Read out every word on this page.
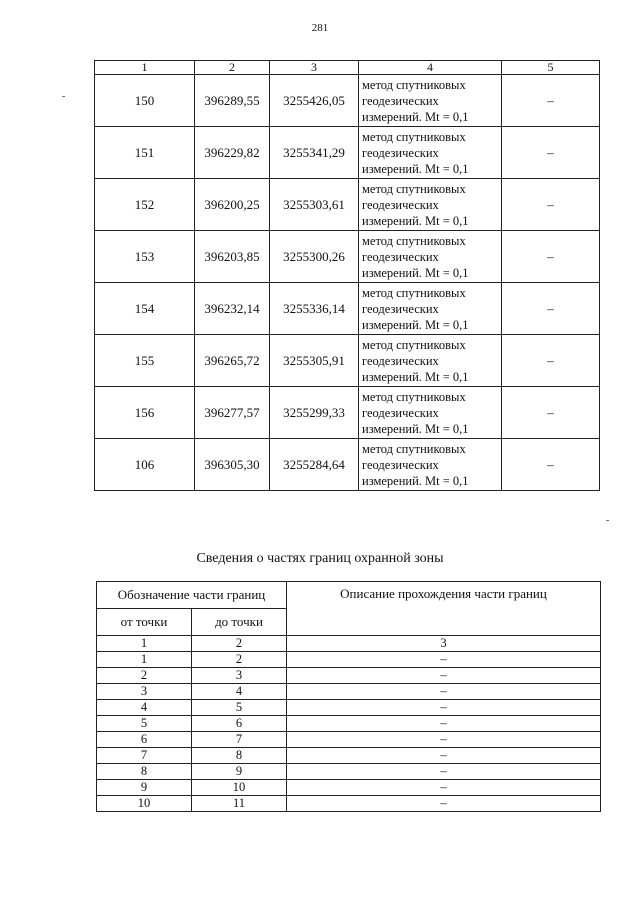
281
1	2	3	4	5
150	396289,55	3255426,05	метод спутниковых
геодезических
измерений. Mt = 0,1	–
151	396229,82	3255341,29	метод спутниковых
геодезических
измерений. Mt = 0,1	–
152	396200,25	3255303,61	метод спутниковых
геодезических
измерений. Mt = 0,1	–
153	396203,85	3255300,26	метод спутниковых
геодезических
измерений. Mt = 0,1	–
154	396232,14	3255336,14	метод спутниковых
геодезических
измерений. Mt = 0,1	–
155	396265,72	3255305,91	метод спутниковых
геодезических
измерений. Mt = 0,1	–
156	396277,57	3255299,33	метод спутниковых
геодезических
измерений. Mt = 0,1	–
106	396305,30	3255284,64	метод спутниковых
геодезических
измерений. Mt = 0,1	–
Сведения о частях границ охранной зоны
Обозначение части границ		Описание прохождения части границ
от точки	до точки	
1	2	3
1	2	–
2	3	–
3	4	–
4	5	–
5	6	–
6	7	–
7	8	–
8	9	–
9	10	–
10	11	–
